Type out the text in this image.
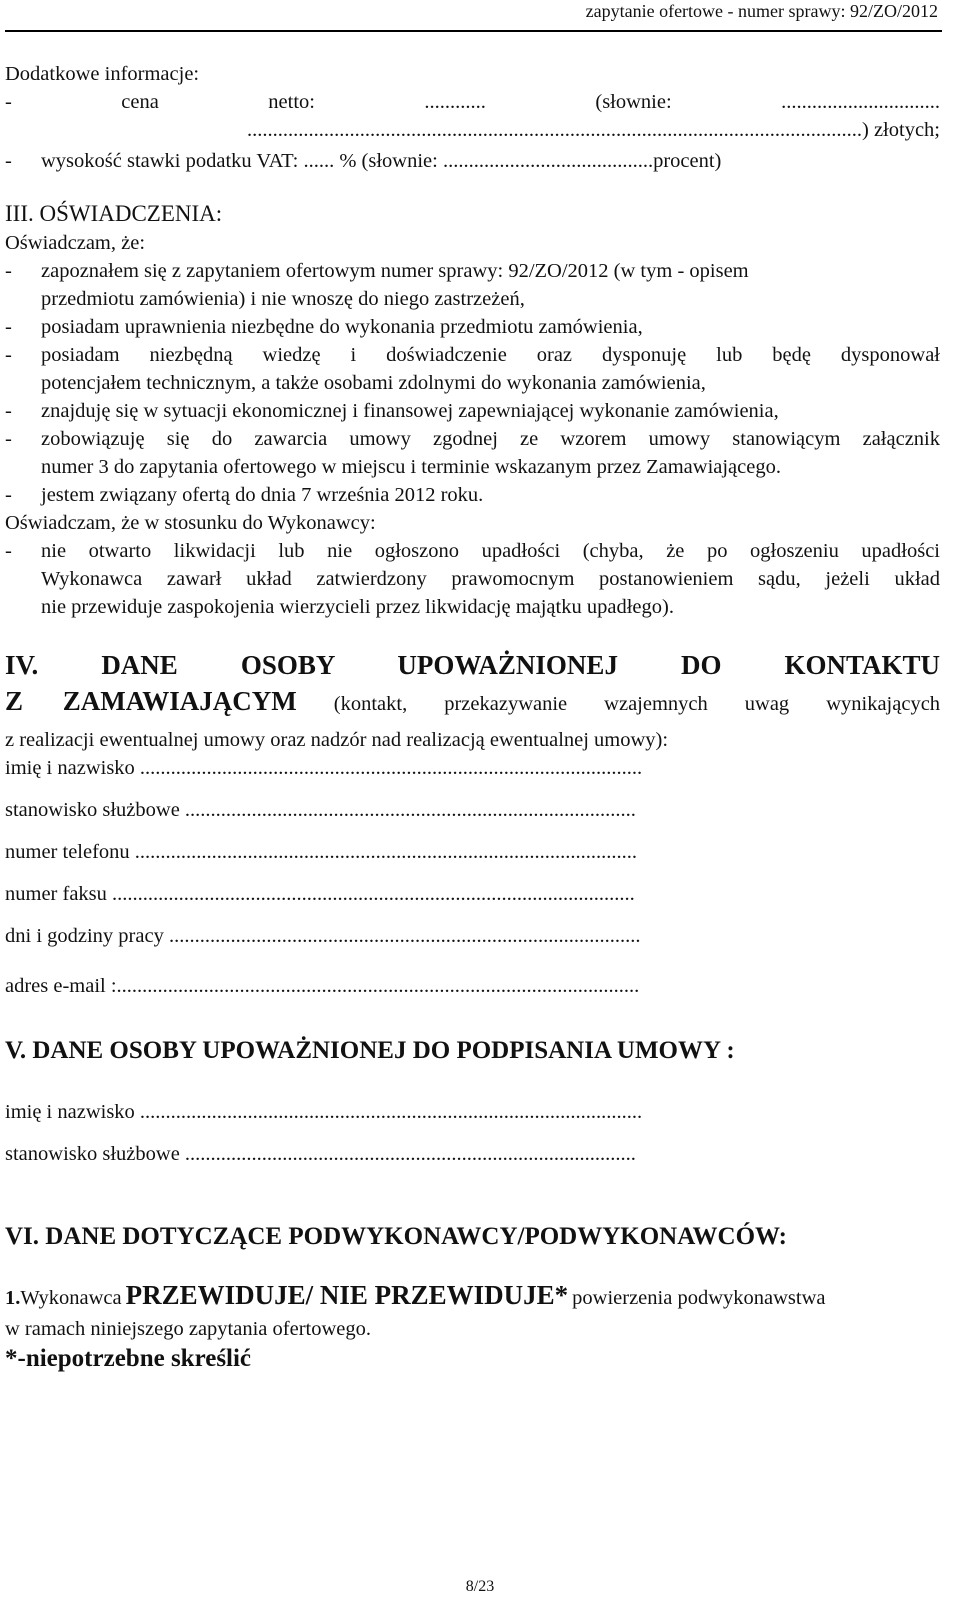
zapytanie ofertowe - numer sprawy: 92/ZO/2012
Dodatkowe informacje:
-	cena	netto:	............	(słownie:	...............................
........................................................................................................................) złotych;
-	wysokość stawki podatku VAT: ...... % (słownie: .........................................procent)
III. OŚWIADCZENIA:
Oświadczam, że:
-	zapoznałem się z zapytaniem ofertowym numer sprawy: 92/ZO/2012 (w tym - opisem
przedmiotu zamówienia) i nie wnoszę do niego zastrzeżeń,
-	posiadam uprawnienia niezbędne do wykonania przedmiotu zamówienia,
-	posiadam niezbędną wiedzę i doświadczenie oraz dysponuję lub będę dysponował
potencjałem technicznym, a także osobami zdolnymi do wykonania zamówienia,
-	znajduję się w sytuacji ekonomicznej i finansowej zapewniającej wykonanie zamówienia,
-	zobowiązuję się do zawarcia umowy zgodnej ze wzorem umowy stanowiącym załącznik
numer 3 do zapytania ofertowego w miejscu i terminie wskazanym przez Zamawiającego.
-	jestem związany ofertą do dnia 7 września 2012 roku.
Oświadczam, że w stosunku do Wykonawcy:
-	nie otwarto likwidacji lub nie ogłoszono upadłości (chyba, że po ogłoszeniu upadłości
Wykonawca zawarł układ zatwierdzony prawomocnym postanowieniem sądu, jeżeli układ
nie przewiduje zaspokojenia wierzycieli przez likwidację majątku upadłego).
IV. DANE OSOBY UPOWAŻNIONEJ DO KONTAKTU
Z ZAMAWIAJĄCYM (kontakt, przekazywanie wzajemnych uwag wynikających
z realizacji ewentualnej umowy oraz nadzór nad realizacją ewentualnej umowy):
imię i nazwisko ..................................................................................................
stanowisko służbowe ........................................................................................
numer telefonu ..................................................................................................
numer faksu ......................................................................................................
dni i godziny pracy ............................................................................................
adres e-mail :......................................................................................................
V. DANE OSOBY UPOWAŻNIONEJ DO PODPISANIA UMOWY :
imię i nazwisko ..................................................................................................
stanowisko służbowe ........................................................................................
VI. DANE DOTYCZĄCE PODWYKONAWCY/PODWYKONAWCÓW:
1.Wykonawca PRZEWIDUJE/ NIE PRZEWIDUJE* powierzenia podwykonawstwa
w ramach niniejszego zapytania ofertowego.
*-niepotrzebne skreślić
8/23
